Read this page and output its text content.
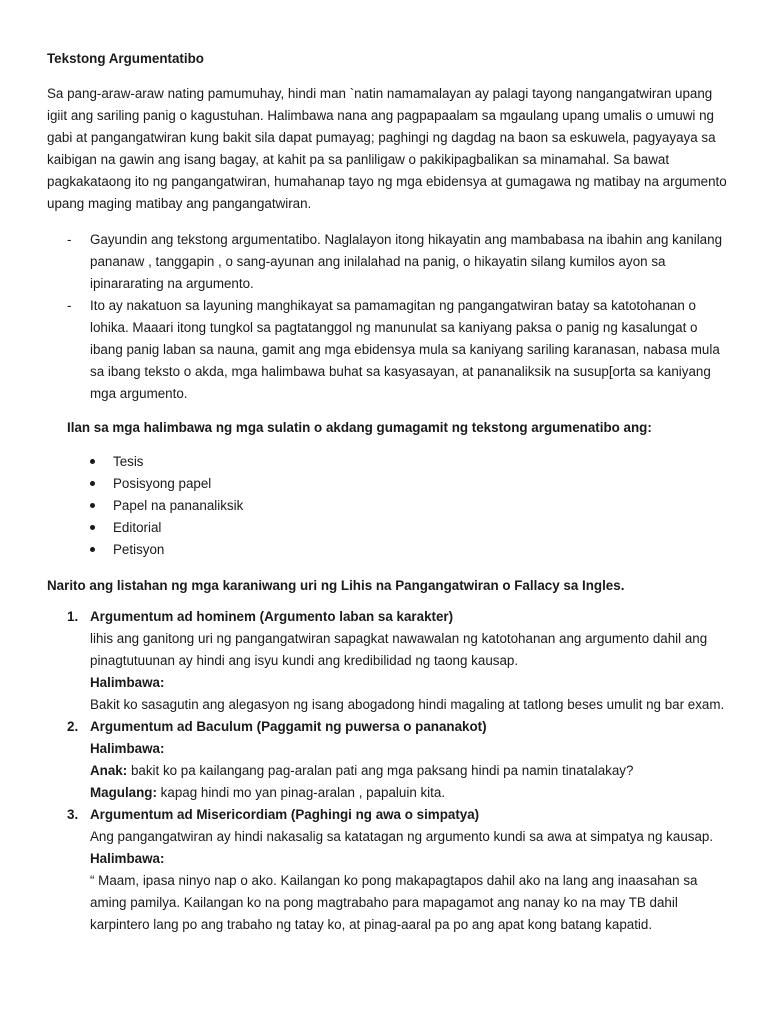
Tekstong Argumentatibo

Sa pang-araw-araw nating pamumuhay, hindi man `natin namamalayan ay palagi tayong nangangatwiran upang igiit ang sariling panig o kagustuhan. Halimbawa nana ang pagpapaalam sa mgaulang upang umalis o umuwi ng gabi at pangangatwiran kung bakit sila dapat pumayag; paghingi ng dagdag na baon sa eskuwela, pagyayaya sa kaibigan na gawin ang isang bagay, at kahit pa sa panliligaw o pakikipagbalikan sa minamahal. Sa bawat pagkakataong ito ng pangangatwiran, humahanap tayo ng mga ebidensya at gumagawa ng matibay na argumento upang maging matibay ang pangangatwiran.

- Gayundin ang tekstong argumentatibo. Naglalayon itong hikayatin ang mambabasa na ibahin ang kanilang pananaw , tanggapin , o sang-ayunan ang inilalahad na panig, o hikayatin silang kumilos ayon sa ipinararating na argumento.
- Ito ay nakatuon sa layuning manghikayat sa pamamagitan ng pangangatwiran batay sa katotohanan o lohika. Maaari itong tungkol sa pagtatanggol ng manunulat sa kaniyang paksa o panig ng kasalungat o ibang panig laban sa nauna, gamit ang mga ebidensya mula sa kaniyang sariling karanasan, nabasa mula sa ibang teksto o akda, mga halimbawa buhat sa kasyasayan, at pananaliksik na susup[orta sa kaniyang mga argumento.

Ilan sa mga halimbawa ng mga sulatin o akdang gumagamit ng tekstong argumenatibo ang:

Tesis
Posisyong papel
Papel na pananaliksik
Editorial
Petisyon

Narito ang listahan ng mga karaniwang uri ng Lihis na Pangangatwiran o Fallacy sa Ingles.

1. Argumentum ad hominem (Argumento laban sa karakter)
lihis ang ganitong uri ng pangangatwiran sapagkat nawawalan ng katotohanan ang argumento dahil ang pinagtutuunan ay hindi ang isyu kundi ang kredibilidad ng taong kausap.
Halimbawa:
Bakit ko sasagutin ang alegasyon ng isang abogadong hindi magaling at tatlong beses umulit ng bar exam.
2. Argumentum ad Baculum (Paggamit ng puwersa o pananakot)
Halimbawa:
Anak: bakit ko pa kailangang pag-aralan pati ang mga paksang hindi pa namin tinatalakay?
Magulang: kapag hindi mo yan pinag-aralan , papaluin kita.
3. Argumentum ad Misericordiam (Paghingi ng awa o simpatya)
Ang pangangatwiran ay hindi nakasalig sa katatagan ng argumento kundi sa awa at simpatya ng kausap.
Halimbawa:
“ Maam, ipasa ninyo nap o ako. Kailangan ko pong makapagtapos dahil ako na lang ang inaasahan sa aming pamilya. Kailangan ko na pong magtrabaho para mapagamot ang nanay ko na may TB dahil karpintero lang po ang trabaho ng tatay ko, at pinag-aaral pa po ang apat kong batang kapatid.
